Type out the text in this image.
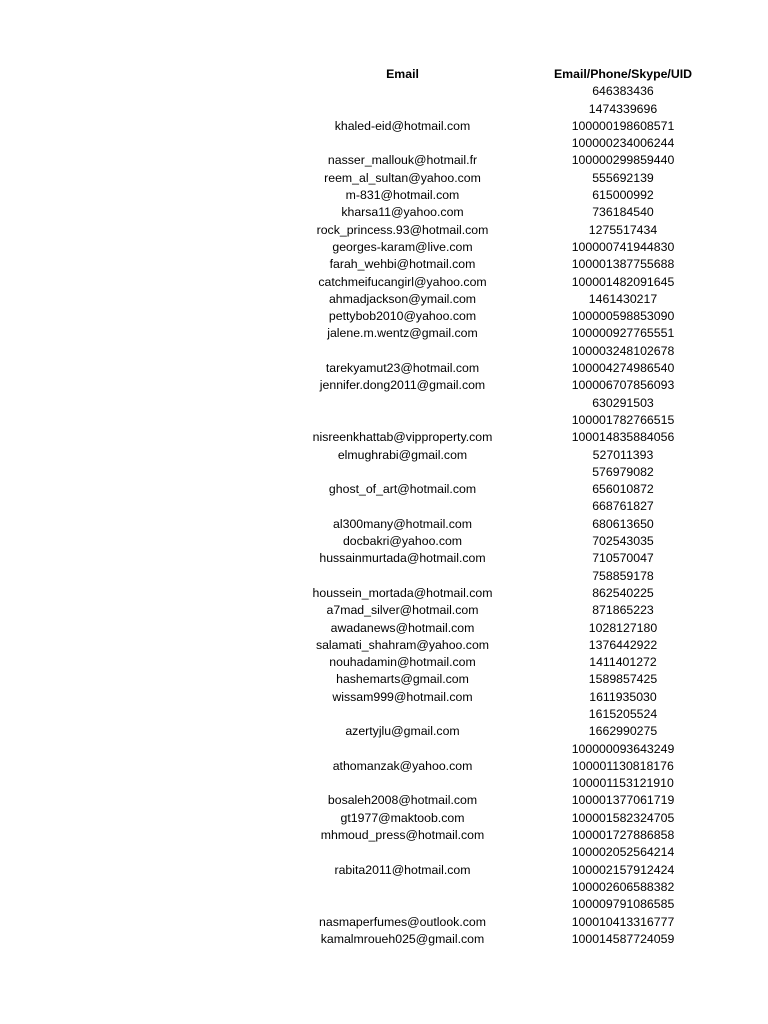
Email	Email/Phone/Skype/UID
	646383436
	1474339696
khaled-eid@hotmail.com	100000198608571
	100000234006244
nasser_mallouk@hotmail.fr	100000299859440
reem_al_sultan@yahoo.com	555692139
m-831@hotmail.com	615000992
kharsa11@yahoo.com	736184540
rock_princess.93@hotmail.com	1275517434
georges-karam@live.com	100000741944830
farah_wehbi@hotmail.com	100001387755688
catchmeifucangirl@yahoo.com	100001482091645
ahmadjackson@ymail.com	1461430217
pettybob2010@yahoo.com	100000598853090
jalene.m.wentz@gmail.com	100000927765551
	100003248102678
tarekyamut23@hotmail.com	100004274986540
jennifer.dong2011@gmail.com	100006707856093
	630291503
	100001782766515
nisreenkhattab@vipproperty.com	100014835884056
elmughrabi@gmail.com	527011393
	576979082
ghost_of_art@hotmail.com	656010872
	668761827
al300many@hotmail.com	680613650
docbakri@yahoo.com	702543035
hussainmurtada@hotmail.com	710570047
	758859178
houssein_mortada@hotmail.com	862540225
a7mad_silver@hotmail.com	871865223
awadanews@hotmail.com	1028127180
salamati_shahram@yahoo.com	1376442922
nouhadamin@hotmail.com	1411401272
hashemarts@gmail.com	1589857425
wissam999@hotmail.com	1611935030
	1615205524
azertyjlu@gmail.com	1662990275
	100000093643249
athomanzak@yahoo.com	100001130818176
	100001153121910
bosaleh2008@hotmail.com	100001377061719
gt1977@maktoob.com	100001582324705
mhmoud_press@hotmail.com	100001727886858
	100002052564214
rabita2011@hotmail.com	100002157912424
	100002606588382
	100009791086585
nasmaperfumes@outlook.com	100010413316777
kamalmroueh025@gmail.com	100014587724059
